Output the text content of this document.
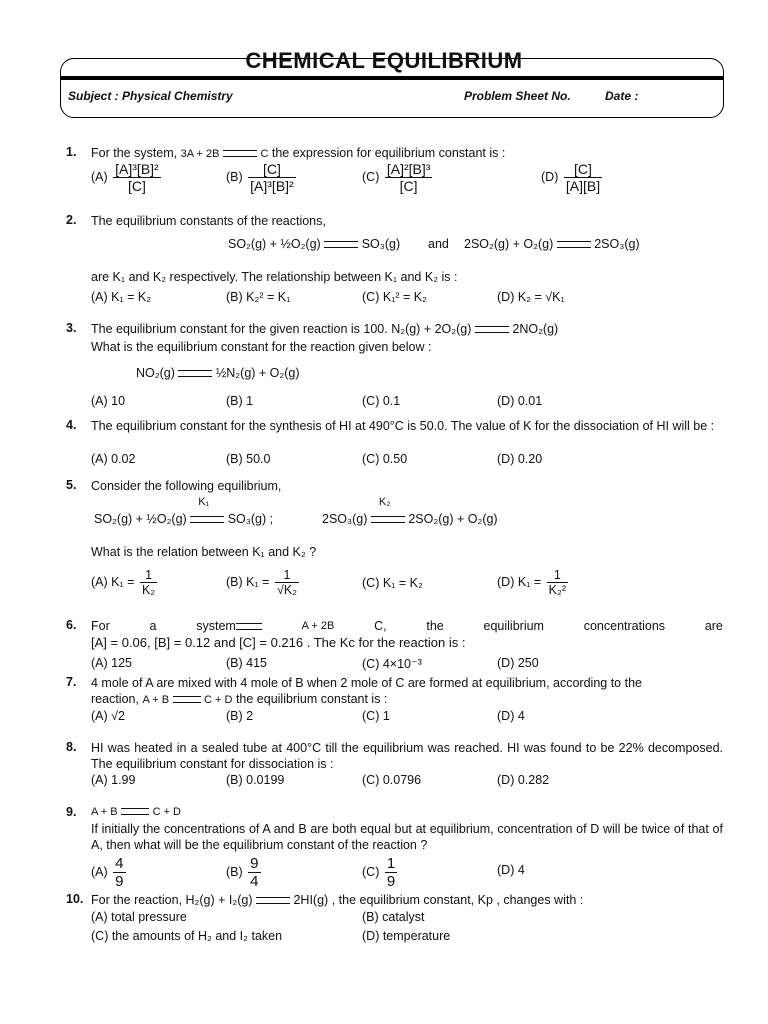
CHEMICAL EQUILIBRIUM
Subject : Physical Chemistry	Problem Sheet No.	Date :
1. For the system, 3A + 2B	C the expression for equilibrium constant is :
$(A) \frac{\text{[A]³[B]²}}{[C]}$	$(B) \frac{[C]}{\text{[A]³[B]²}}$	$(C) \frac{\text{[A]²[B]³}}{[C]}$	$(D) \frac{[C]}{[A][B]}$
2. The equilibrium constants of the reactions,
SO₂(g) + ½O₂(g)	SO₃(g) and 2SO₂(g) + O₂(g)	2SO₃(g)
are K₁ and K₂ respectively. The relationship between K₁ and K₂ is :
(A) K₁ = K₂	(B) K₂² = K₁	(C) K₁² = K₂	(D) K₂ = √K₁
3. The equilibrium constant for the given reaction is 100. N₂(g) + 2O₂(g)	2NO₂(g)
What is the equilibrium constant for the reaction given below :
NO₂(g)	½N₂(g) + O₂(g)
(A) 10	(B) 1	(C) 0.1	(D) 0.01
4. The equilibrium constant for the synthesis of HI at 490°C is 50.0. The value of K for the dissociation of HI will be :
(A) 0.02	(B) 50.0	(C) 0.50	(D) 0.20
5. Consider the following equilibrium,
SO₂(g) + ½O₂(g)
K₁
SO₃(g) ;	2SO₃(g)
K₂
2SO₂(g) + O₂(g)
What is the relation between K₁ and K₂ ?
(A) $K_1 = \frac{1}{\text{K₂}}$	(B) $K_1 = \frac{1}{\text{√K₂}}$	(C) K₁ = K₂	(D) $K_1 = \frac{1}{\text{K₂²}}$
6. For	a	system	A + 2B	C,	the	equilibrium	concentrations	are
[A] = 0.06, [B] = 0.12 and [C] = 0.216 . The Kc for the reaction is :
(A) 125	(B) 415	(C) 4×10⁻³	(D) 250
7. 4 mole of A are mixed with 4 mole of B when 2 mole of C are formed at equilibrium, according to the
reaction, A + B	C + D the equilibrium constant is :
(A) √2	(B) 2	(C) 1	(D) 4
8. HI was heated in a sealed tube at 400°C till the equilibrium was reached. HI was found to be 22% decomposed. The equilibrium constant for dissociation is :
(A) 1.99	(B) 0.0199	(C) 0.0796	(D) 0.282
9. A + B	C + D
If initially the concentrations of A and B are both equal but at equilibrium, concentration of D will be twice of that of A, then what will be the equilibrium constant of the reaction ?
$(A) \frac{4}{9}$	$(B) \frac{9}{4}$	$(C) \frac{1}{9}$	(D) 4
10. For the reaction, H₂(g) + I₂(g)	2HI(g) , the equilibrium constant, Kp , changes with :
(A) total pressure	(B) catalyst
(C) the amounts of H₂ and I₂ taken	(D) temperature
